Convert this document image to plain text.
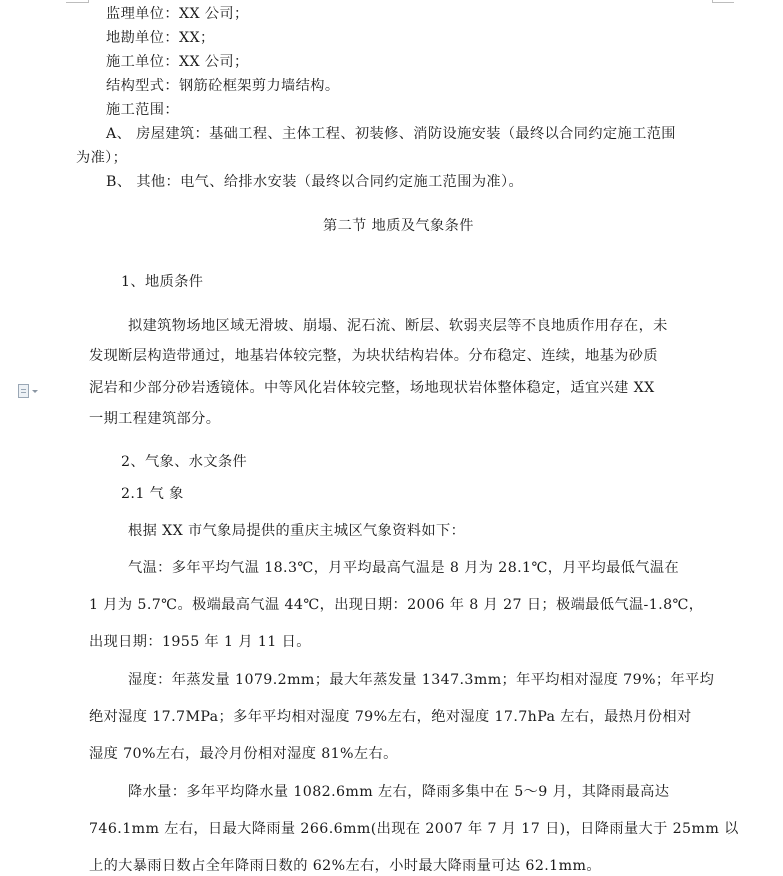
监理单位：XX 公司；
地勘单位：XX；
施工单位：XX 公司；
结构型式：钢筋砼框架剪力墙结构。
施工范围：
A、 房屋建筑：基础工程、主体工程、初装修、消防设施安装（最终以合同约定施工范围
为准）；
B、 其他：电气、给排水安装（最终以合同约定施工范围为准）。
第二节 地质及气象条件
1、地质条件
拟建筑物场地区域无滑坡、崩塌、泥石流、断层、软弱夹层等不良地质作用存在，未
发现断层构造带通过，地基岩体较完整，为块状结构岩体。分布稳定、连续，地基为砂质
泥岩和少部分砂岩透镜体。中等风化岩体较完整，场地现状岩体整体稳定，适宜兴建 XX
一期工程建筑部分。
2、气象、水文条件
2.1 气 象
根据 XX 市气象局提供的重庆主城区气象资料如下：
气温：多年平均气温 18.3℃，月平均最高气温是 8 月为 28.1℃，月平均最低气温在
1 月为 5.7℃。极端最高气温 44℃，出现日期：2006 年 8 月 27 日；极端最低气温-1.8℃，
出现日期：1955 年 1 月 11 日。
湿度：年蒸发量 1079.2mm；最大年蒸发量 1347.3mm；年平均相对湿度 79%；年平均
绝对湿度 17.7MPa；多年平均相对湿度 79%左右，绝对湿度 17.7hPa 左右，最热月份相对
湿度 70%左右，最冷月份相对湿度 81%左右。
降水量：多年平均降水量 1082.6mm 左右，降雨多集中在 5～9 月，其降雨最高达
746.1mm 左右，日最大降雨量 266.6mm(出现在 2007 年 7 月 17 日)，日降雨量大于 25mm 以
上的大暴雨日数占全年降雨日数的 62%左右，小时最大降雨量可达 62.1mm。
